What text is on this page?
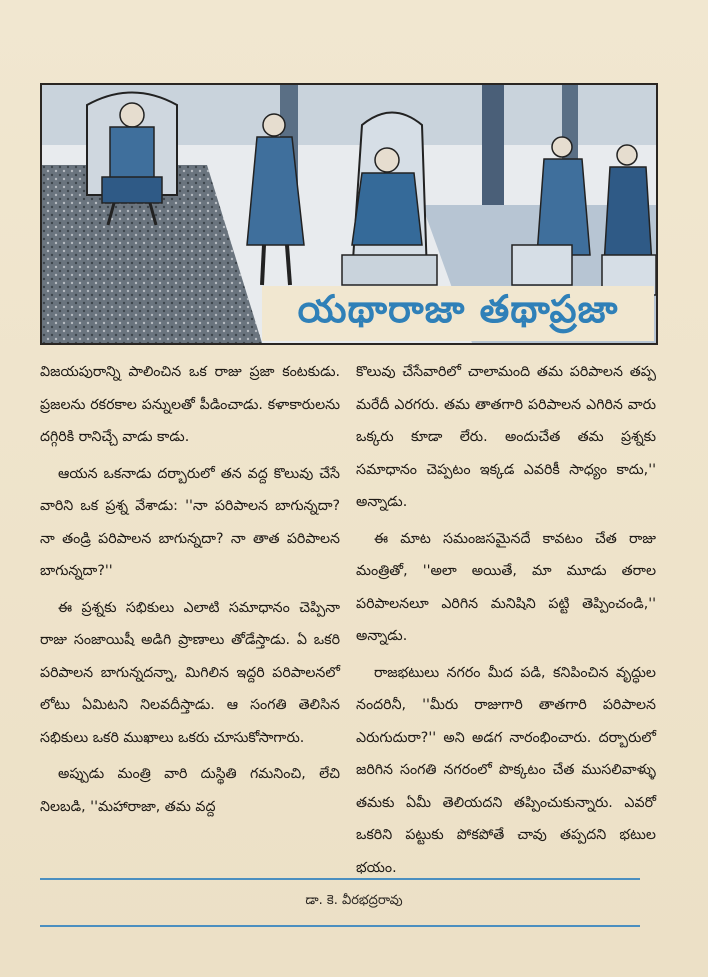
యథారాజా తథాప్రజా

విజయపురాన్ని పాలించిన ఒక రాజు ప్రజా కంటకుడు. ప్రజలను రకరకాల పన్నులతో పీడించాడు. కళాకారులను దగ్గిరికి రానిచ్చే వాడు కాడు.

ఆయన ఒకనాడు దర్బారులో తన వద్ద కొలువు చేసే వారిని ఒక ప్రశ్న వేశాడు: ''నా పరిపాలన బాగున్నదా? నా తండ్రి పరిపాలన బాగున్నదా? నా తాత పరిపాలన బాగున్నదా?''

ఈ ప్రశ్నకు సభికులు ఎలాటి సమాధానం చెప్పినా రాజు సంజాయిషీ అడిగి ప్రాణాలు తోడేస్తాడు. ఏ ఒకరి పరిపాలన బాగున్నదన్నా, మిగిలిన ఇద్దరి పరిపాలనలో లోటు ఏమిటని నిలవదీస్తాడు. ఆ సంగతి తెలిసిన సభికులు ఒకరి ముఖాలు ఒకరు చూసుకోసాగారు.

అప్పుడు మంత్రి వారి దుస్థితి గమనించి, లేచి నిలబడి, ''మహారాజా, తమ వద్ద

కొలువు చేసేవారిలో చాలామంది తమ పరిపాలన తప్ప మరేదీ ఎరగరు. తమ తాతగారి పరిపాలన ఎగిరిన వారు ఒక్కరు కూడా లేరు. అందుచేత తమ ప్రశ్నకు సమాధానం చెప్పటం ఇక్కడ ఎవరికీ సాధ్యం కాదు,'' అన్నాడు.

ఈ మాట సమంజసమైనదే కావటం చేత రాజు మంత్రితో, ''అలా అయితే, మా మూడు తరాల పరిపాలనలూ ఎరిగిన మనిషిని పట్టి తెప్పించండి,'' అన్నాడు.

రాజభటులు నగరం మీద పడి, కనిపించిన వృద్ధుల నందరినీ, ''మీరు రాజుగారి తాతగారి పరిపాలన ఎరుగుదురా?'' అని అడగ నారంభించారు. దర్బారులో జరిగిన సంగతి నగరంలో పొక్కటం చేత ముసలివాళ్ళు తమకు ఏమీ తెలియదని తప్పించుకున్నారు. ఎవరో ఒకరిని పట్టుకు పోకపోతే చావు తప్పదని భటుల భయం.

డా. కె. వీరభద్రరావు
